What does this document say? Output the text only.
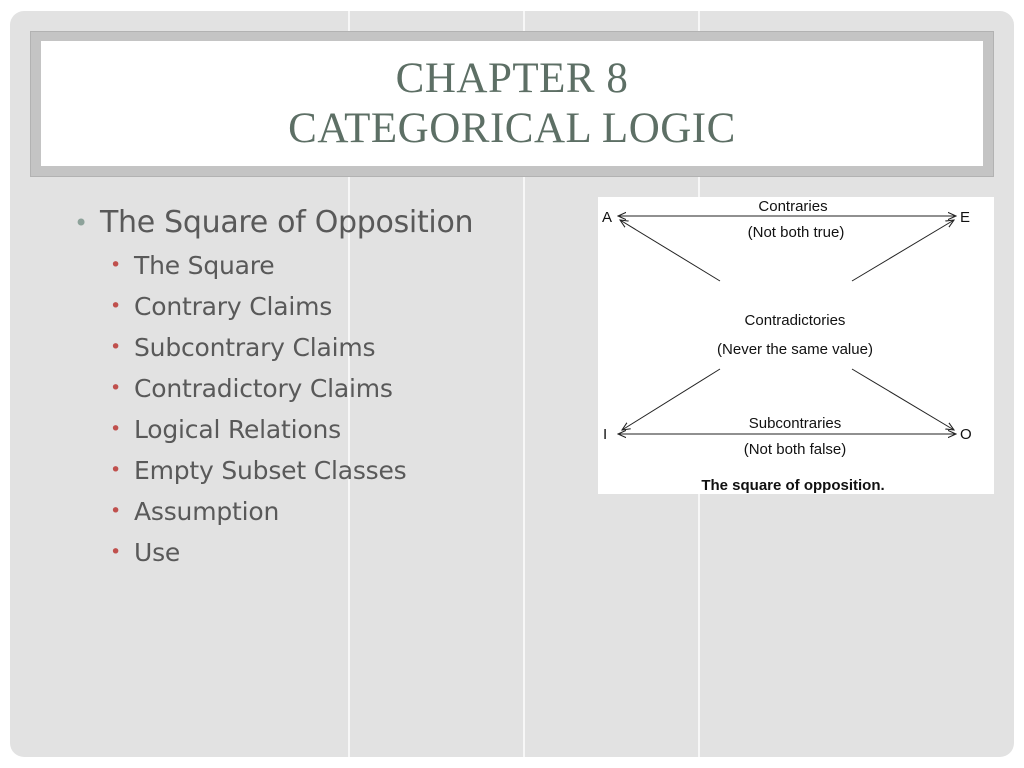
CHAPTER 8
CATEGORICAL LOGIC
• The Square of Opposition
• The Square
• Contrary Claims
• Subcontrary Claims
• Contradictory Claims
• Logical Relations
• Empty Subset Classes
• Assumption
• Use
A	E
I	O
Contraries
(Not both true)
Contradictories
(Never the same value)
Subcontraries
(Not both false)
The square of opposition.
